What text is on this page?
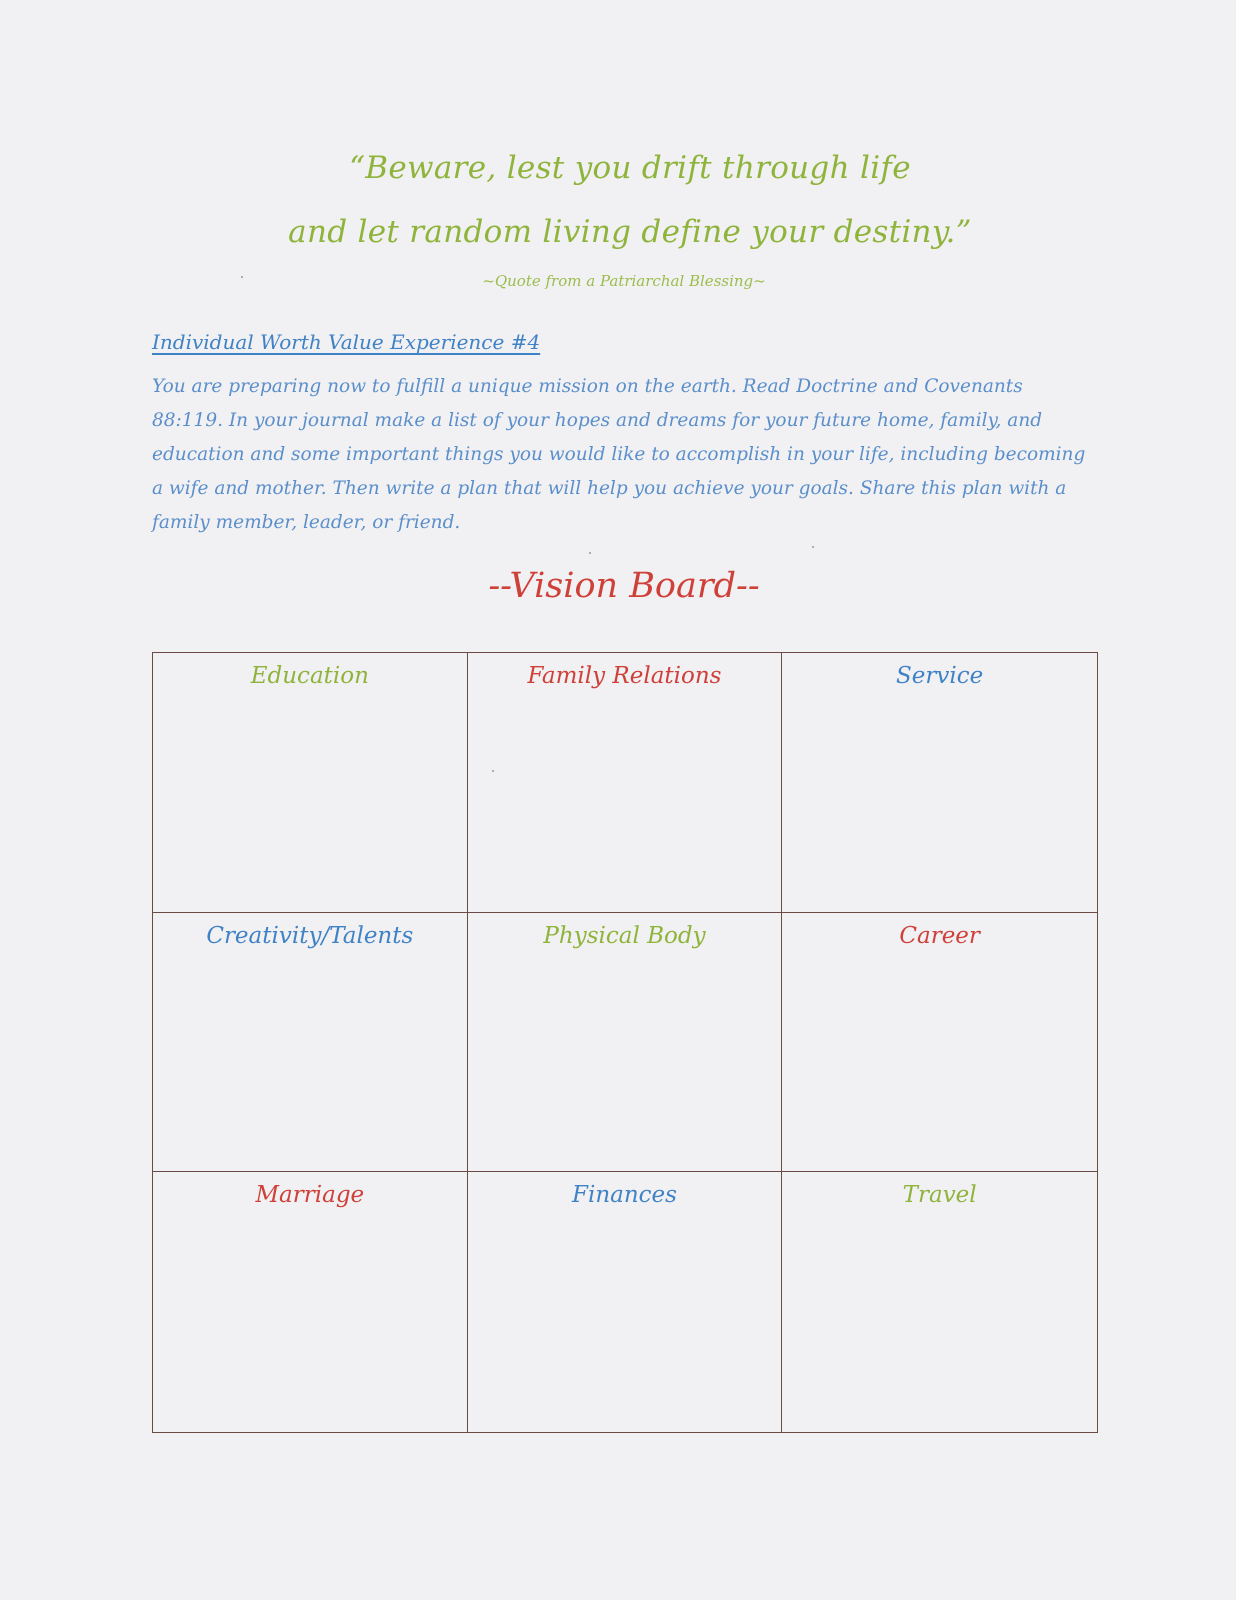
“Beware, lest you drift through life
and let random living define your destiny.”
~Quote from a Patriarchal Blessing~
Individual Worth Value Experience #4
You are preparing now to fulfill a unique mission on the earth. Read Doctrine and Covenants 88:119. In your journal make a list of your hopes and dreams for your future home, family, and education and some important things you would like to accomplish in your life, including becoming a wife and mother. Then write a plan that will help you achieve your goals. Share this plan with a family member, leader, or friend.
--Vision Board--
Education	Family Relations	Service
Creativity/Talents	Physical Body	Career
Marriage	Finances	Travel
